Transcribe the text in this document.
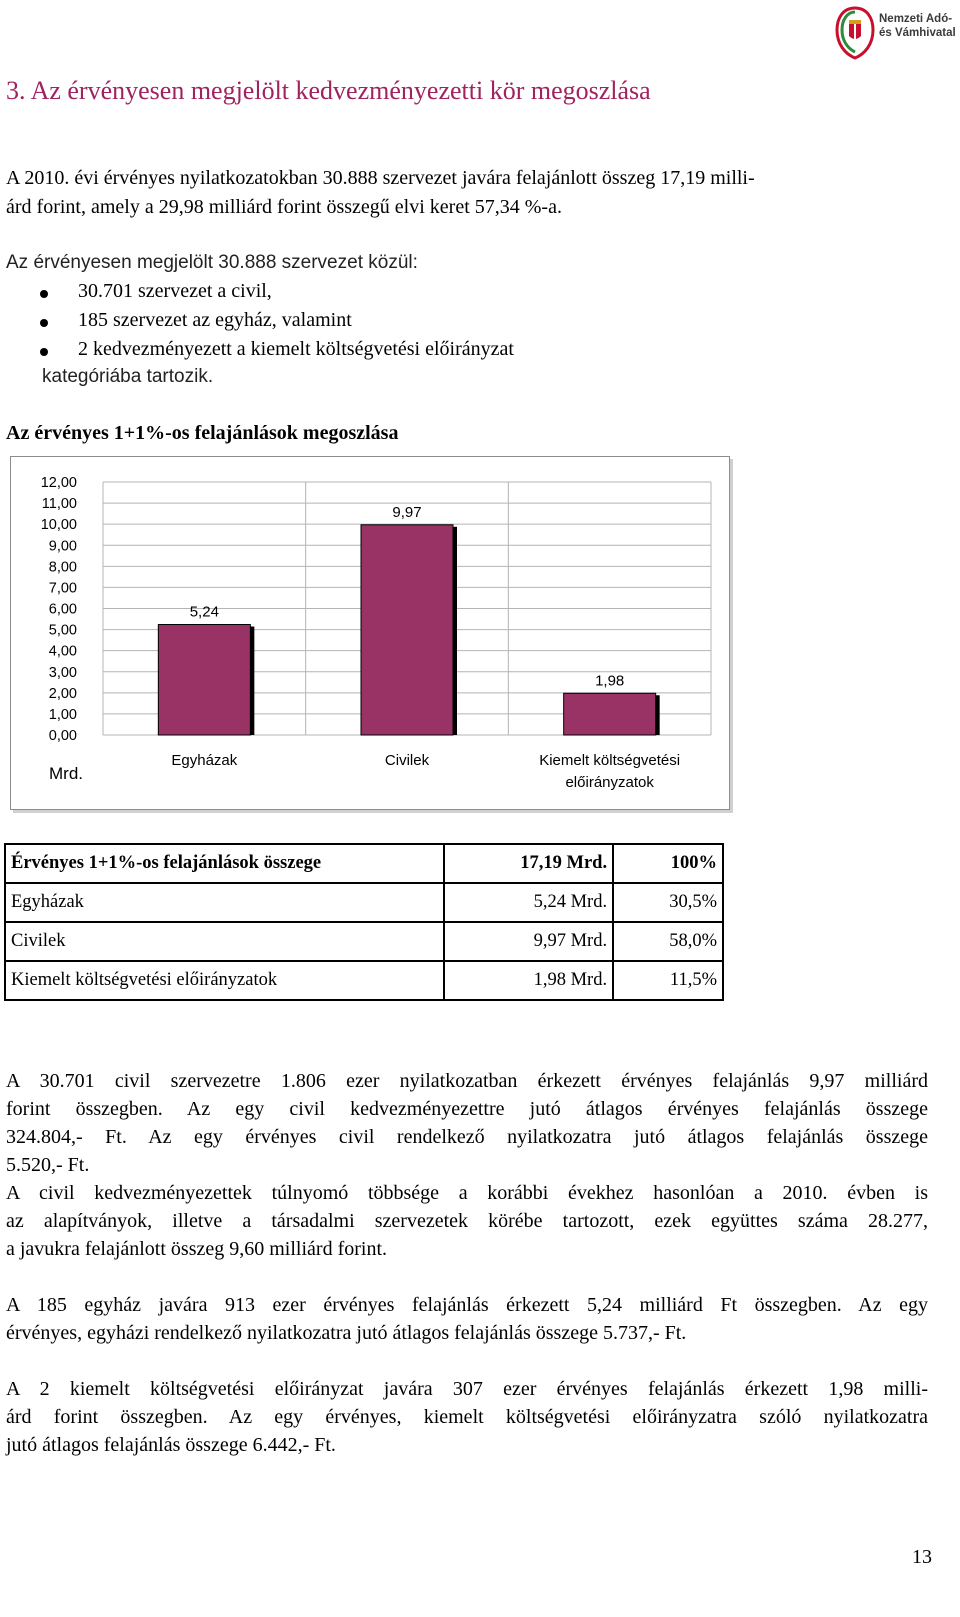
Nemzeti Adó-
és Vámhivatal
3. Az érvényesen megjelölt kedvezményezetti kör megoszlása
A 2010. évi érvényes nyilatkozatokban 30.888 szervezet javára felajánlott összeg 17,19 milli-
árd forint, amely a 29,98 milliárd forint összegű elvi keret 57,34 %-a.
Az érvényesen megjelölt 30.888 szervezet közül:
30.701 szervezet a civil,
185 szervezet az egyház, valamint
2 kedvezményezett a kiemelt költségvetési előirányzat
kategóriába tartozik.
Az érvényes 1+1%-os felajánlások megoszlása
0,00
1,00
2,00
3,00
4,00
5,00
6,00
7,00
8,00
9,00
10,00
11,00
12,00
Mrd.
5,24
Egyházak
9,97
Civilek
1,98
Kiemelt költségvetési
előirányzatok
Érvényes 1+1%-os felajánlások összege	17,19 Mrd.	100%
Egyházak	5,24 Mrd.	30,5%
Civilek	9,97 Mrd.	58,0%
Kiemelt költségvetési előirányzatok	1,98 Mrd.	11,5%
A 30.701 civil szervezetre 1.806 ezer nyilatkozatban érkezett érvényes felajánlás 9,97 milliárd
forint összegben. Az egy civil kedvezményezettre jutó átlagos érvényes felajánlás összege
324.804,- Ft. Az egy érvényes civil rendelkező nyilatkozatra jutó átlagos felajánlás összege
5.520,- Ft.
A civil kedvezményezettek túlnyomó többsége a korábbi évekhez hasonlóan a 2010. évben is
az alapítványok, illetve a társadalmi szervezetek körébe tartozott, ezek együttes száma 28.277,
a javukra felajánlott összeg 9,60 milliárd forint.
A 185 egyház javára 913 ezer érvényes felajánlás érkezett 5,24 milliárd Ft összegben. Az egy
érvényes, egyházi rendelkező nyilatkozatra jutó átlagos felajánlás összege 5.737,- Ft.
A 2 kiemelt költségvetési előirányzat javára 307 ezer érvényes felajánlás érkezett 1,98 milli-
árd forint összegben. Az egy érvényes, kiemelt költségvetési előirányzatra szóló nyilatkozatra
jutó átlagos felajánlás összege 6.442,- Ft.
13
